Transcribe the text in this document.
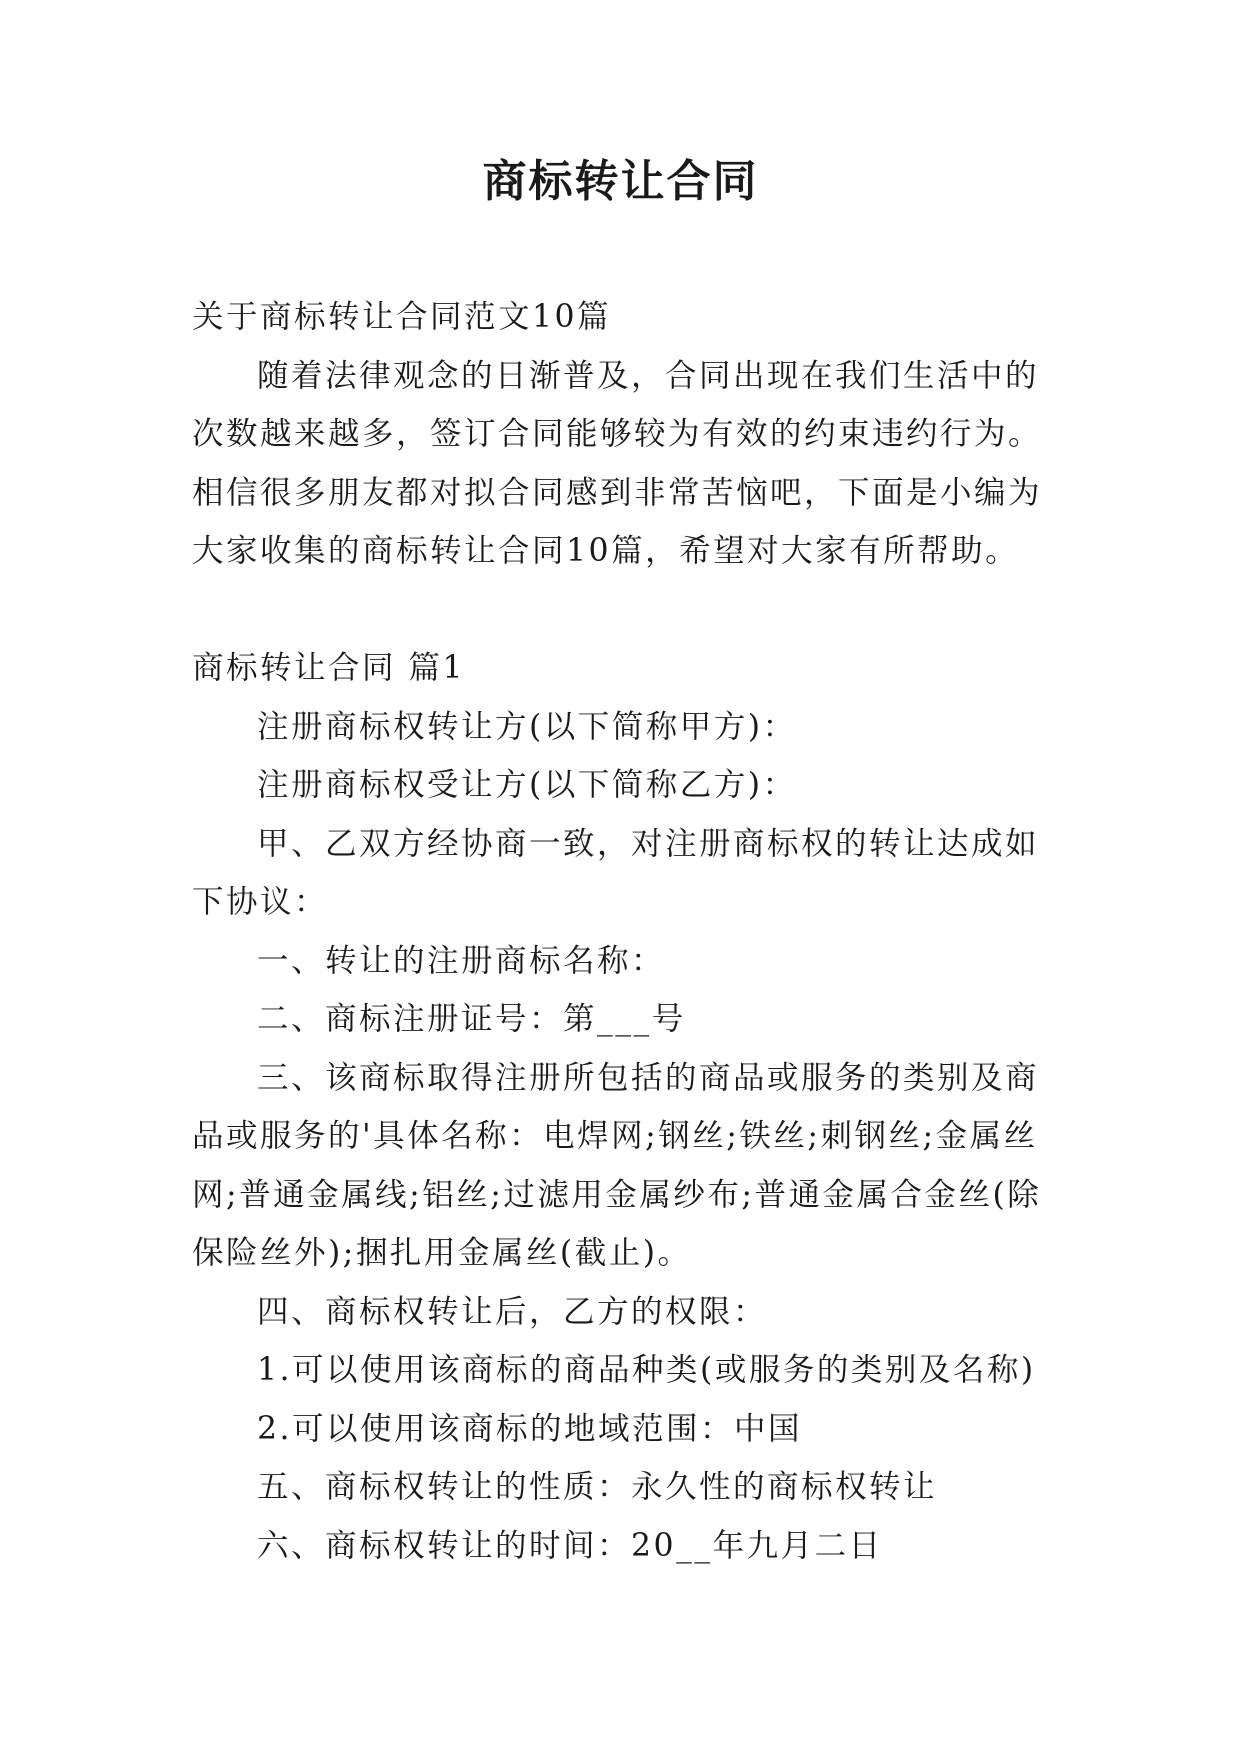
商标转让合同

关于商标转让合同范文10篇

随着法律观念的日渐普及，合同出现在我们生活中的次数越来越多，签订合同能够较为有效的约束违约行为。相信很多朋友都对拟合同感到非常苦恼吧，下面是小编为大家收集的商标转让合同10篇，希望对大家有所帮助。

商标转让合同 篇1

注册商标权转让方(以下简称甲方)：

注册商标权受让方(以下简称乙方)：

甲、乙双方经协商一致，对注册商标权的转让达成如下协议：

一、转让的注册商标名称：

二、商标注册证号：第___号

三、该商标取得注册所包括的商品或服务的类别及商品或服务的'具体名称：电焊网;钢丝;铁丝;刺钢丝;金属丝网;普通金属线;铝丝;过滤用金属纱布;普通金属合金丝(除保险丝外);捆扎用金属丝(截止)。

四、商标权转让后，乙方的权限：

1.可以使用该商标的商品种类(或服务的类别及名称)

2.可以使用该商标的地域范围：中国

五、商标权转让的性质：永久性的商标权转让

六、商标权转让的时间：20__年九月二日
